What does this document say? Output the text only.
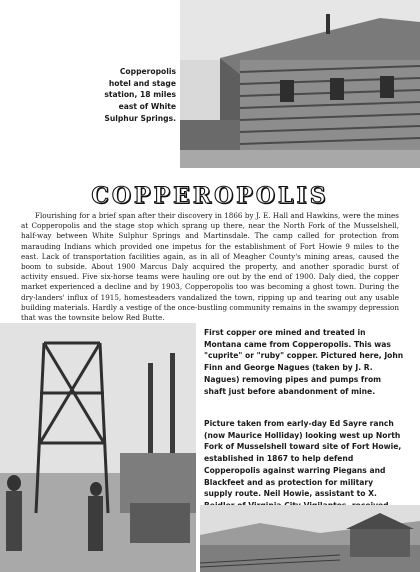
Copperopolis hotel and stage station, 18 miles east of White Sulphur Springs.
COPPEROPOLIS
Flourishing for a brief span after their discovery in 1866 by J. E. Hall and Hawkins, were the mines at Copperopolis and the stage stop which sprang up there, near the North Fork of the Musselshell, half-way between White Sulphur Springs and Martinsdale. The camp called for protection from marauding Indians which provided one impetus for the establishment of Fort Howie 9 miles to the east. Lack of transportation facilities again, as in all of Meagher County's mining areas, caused the boom to subside. About 1900 Marcus Daly acquired the property, and another sporadic burst of activity ensued. Five six-horse teams were hauling ore out by the end of 1900. Daly died, the copper market experienced a decline and by 1903, Copperopolis too was becoming a ghost town. During the dry-landers' influx of 1915, homesteaders vandalized the town, ripping up and tearing out any usable building materials. Hardly a vestige of the once-bustling community remains in the swampy depression that was the townsite below Red Butte.
First copper ore mined and treated in Montana came from Copperopolis. This was "cuprite" or "ruby" copper. Pictured here, John Finn and George Nagues (taken by J. R. Nagues) removing pipes and pumps from shaft just before abandonment of mine.
Picture taken from early-day Ed Sayre ranch (now Maurice Holliday) looking west up North Fork of Musselshell toward site of Fort Howie, established in 1867 to help defend Copperopolis against warring Piegans and Blackfeet and as protection for military supply route. Neil Howie, assistant to X.
